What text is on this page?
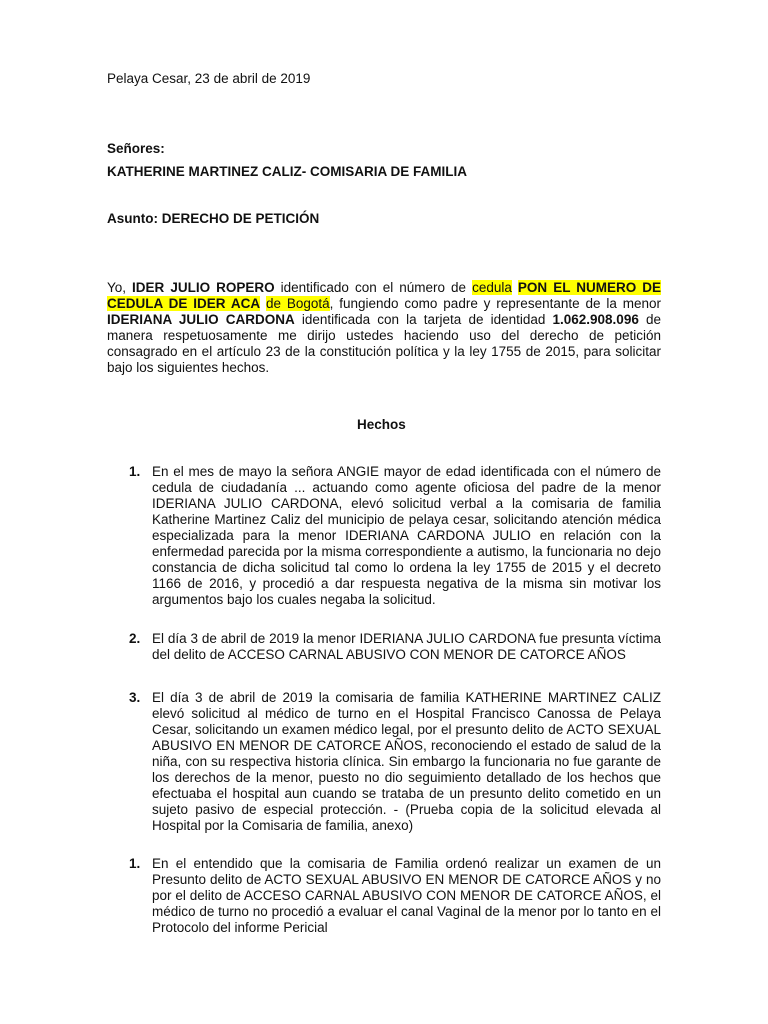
Pelaya Cesar, 23 de abril de 2019
Señores:
KATHERINE MARTINEZ CALIZ- COMISARIA DE FAMILIA
Asunto: DERECHO DE PETICIÓN
Yo, IDER JULIO ROPERO identificado con el número de cedula PON EL NUMERO DE CEDULA DE IDER ACA de Bogotá, fungiendo como padre y representante de la menor IDERIANA JULIO CARDONA identificada con la tarjeta de identidad 1.062.908.096 de manera respetuosamente me dirijo ustedes haciendo uso del derecho de petición consagrado en el artículo 23 de la constitución política y la ley 1755 de 2015, para solicitar bajo los siguientes hechos.
Hechos
1. En el mes de mayo la señora ANGIE mayor de edad identificada con el número de cedula de ciudadanía ... actuando como agente oficiosa del padre de la menor IDERIANA JULIO CARDONA, elevó solicitud verbal a la comisaria de familia Katherine Martinez Caliz del municipio de pelaya cesar, solicitando atención médica especializada para la menor IDERIANA CARDONA JULIO en relación con la enfermedad parecida por la misma correspondiente a autismo, la funcionaria no dejo constancia de dicha solicitud tal como lo ordena la ley 1755 de 2015 y el decreto 1166 de 2016, y procedió a dar respuesta negativa de la misma sin motivar los argumentos bajo los cuales negaba la solicitud.
2. El día 3 de abril de 2019 la menor IDERIANA JULIO CARDONA fue presunta víctima del delito de ACCESO CARNAL ABUSIVO CON MENOR DE CATORCE AÑOS
3. El día 3 de abril de 2019 la comisaria de familia KATHERINE MARTINEZ CALIZ elevó solicitud al médico de turno en el Hospital Francisco Canossa de Pelaya Cesar, solicitando un examen médico legal, por el presunto delito de ACTO SEXUAL ABUSIVO EN MENOR DE CATORCE AÑOS, reconociendo el estado de salud de la niña, con su respectiva historia clínica. Sin embargo la funcionaria no fue garante de los derechos de la menor, puesto no dio seguimiento detallado de los hechos que efectuaba el hospital aun cuando se trataba de un presunto delito cometido en un sujeto pasivo de especial protección. - (Prueba copia de la solicitud elevada al Hospital por la Comisaria de familia, anexo)
1. En el entendido que la comisaria de Familia ordenó realizar un examen de un Presunto delito de ACTO SEXUAL ABUSIVO EN MENOR DE CATORCE AÑOS y no por el delito de ACCESO CARNAL ABUSIVO CON MENOR DE CATORCE AÑOS, el médico de turno no procedió a evaluar el canal Vaginal de la menor por lo tanto en el Protocolo del informe Pericial
